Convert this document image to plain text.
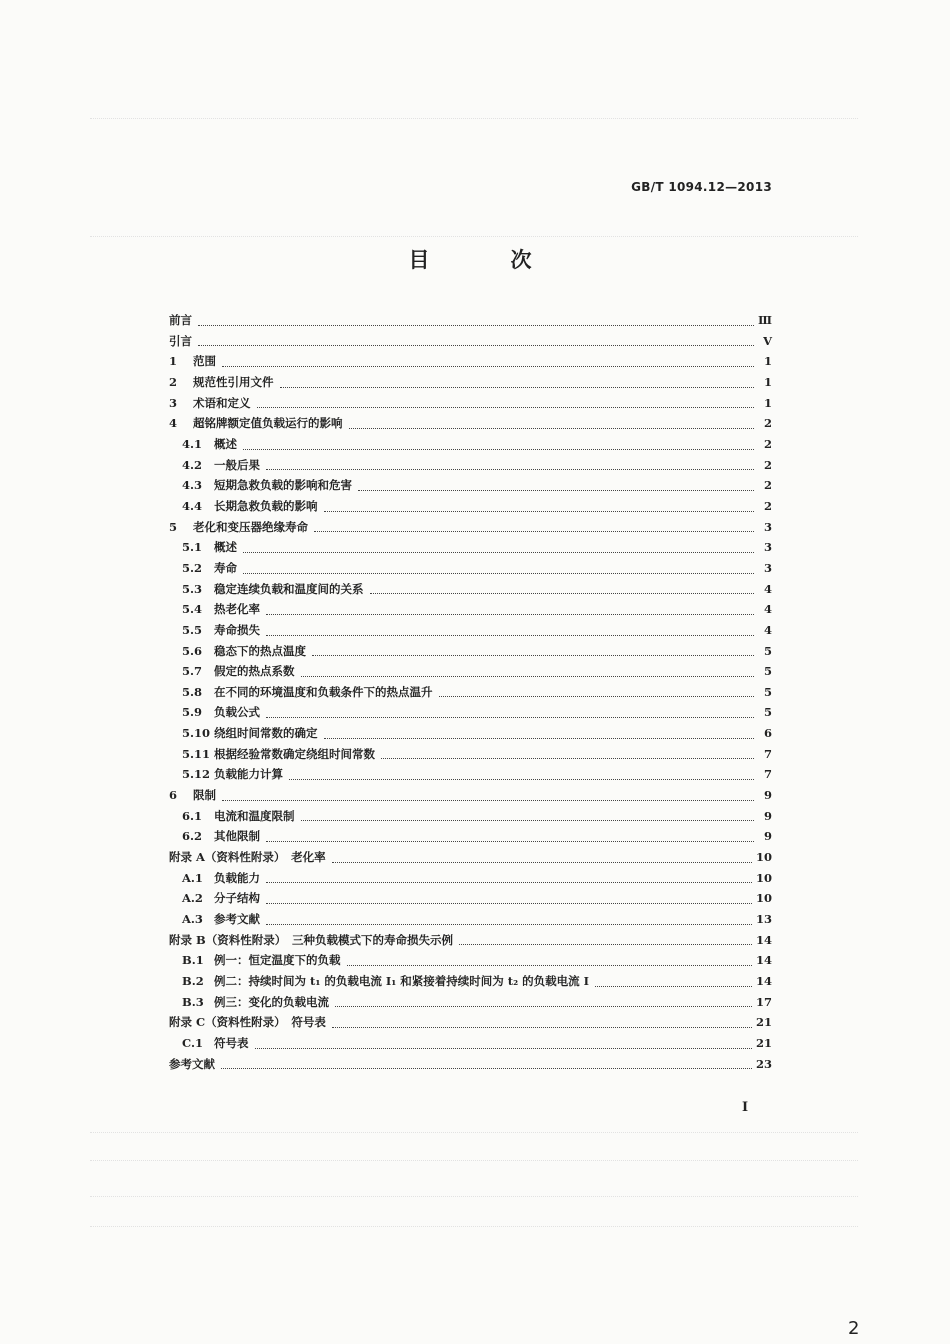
GB/T 1094.12—2013
目　次
前言	Ⅲ
引言	Ⅴ
1	范围	1
2	规范性引用文件	1
3	术语和定义	1
4	超铭牌额定值负载运行的影响	2
4.1	概述	2
4.2	一般后果	2
4.3	短期急救负载的影响和危害	2
4.4	长期急救负载的影响	2
5	老化和变压器绝缘寿命	3
5.1	概述	3
5.2	寿命	3
5.3	稳定连续负载和温度间的关系	4
5.4	热老化率	4
5.5	寿命损失	4
5.6	稳态下的热点温度	5
5.7	假定的热点系数	5
5.8	在不同的环境温度和负载条件下的热点温升	5
5.9	负载公式	5
5.10 绕组时间常数的确定	6
5.11 根据经验常数确定绕组时间常数	7
5.12 负载能力计算	7
6	限制	9
6.1	电流和温度限制	9
6.2	其他限制	9
附录 A（资料性附录）　老化率	10
A.1 负载能力	10
A.2 分子结构	10
A.3 参考文献	13
附录 B（资料性附录）　三种负载模式下的寿命损失示例	14
B.1 例一：恒定温度下的负载	14
B.2 例二：持续时间为 t₁ 的负载电流 I₁ 和紧接着持续时间为 t₂ 的负载电流 I	14
B.3 例三：变化的负载电流	17
附录 C（资料性附录）　符号表	21
C.1 符号表	21
参考文献	23
I
2
